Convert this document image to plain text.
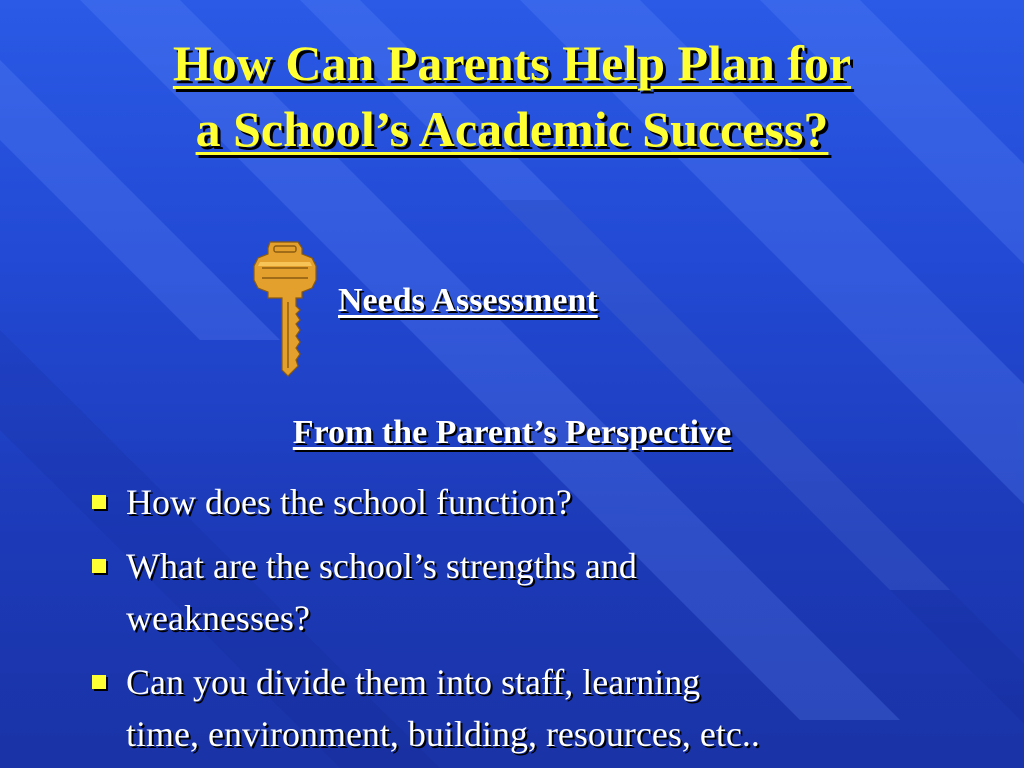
How Can Parents Help Plan for
a School’s Academic Success?
Needs Assessment
From the Parent’s Perspective
How does the school function?
What are the school’s strengths and
weaknesses?
Can you divide them into staff, learning
time, environment, building, resources, etc..
